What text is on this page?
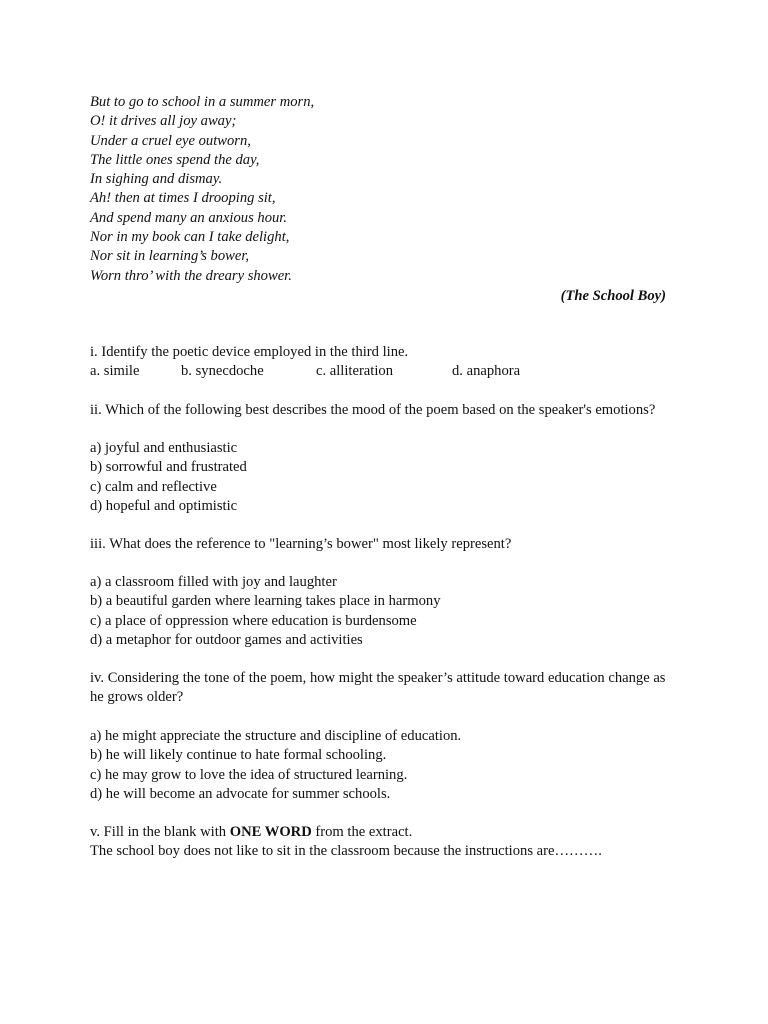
But to go to school in a summer morn,
O! it drives all joy away;
Under a cruel eye outworn,
The little ones spend the day,
In sighing and dismay.
Ah! then at times I drooping sit,
And spend many an anxious hour.
Nor in my book can I take delight,
Nor sit in learning’s bower,
Worn thro’ with the dreary shower.
(The School Boy)
i. Identify the poetic device employed in the third line.
a. simile	b. synecdoche	c. alliteration	d. anaphora
ii. Which of the following best describes the mood of the poem based on the speaker's emotions?
a) joyful and enthusiastic
b) sorrowful and frustrated
c) calm and reflective
d) hopeful and optimistic
iii. What does the reference to "learning’s bower" most likely represent?
a) a classroom filled with joy and laughter
b) a beautiful garden where learning takes place in harmony
c) a place of oppression where education is burdensome
d) a metaphor for outdoor games and activities
iv. Considering the tone of the poem, how might the speaker’s attitude toward education change as he grows older?
a) he might appreciate the structure and discipline of education.
b) he will likely continue to hate formal schooling.
c) he may grow to love the idea of structured learning.
d) he will become an advocate for summer schools.
v. Fill in the blank with ONE WORD from the extract.
The school boy does not like to sit in the classroom because the instructions are……….
